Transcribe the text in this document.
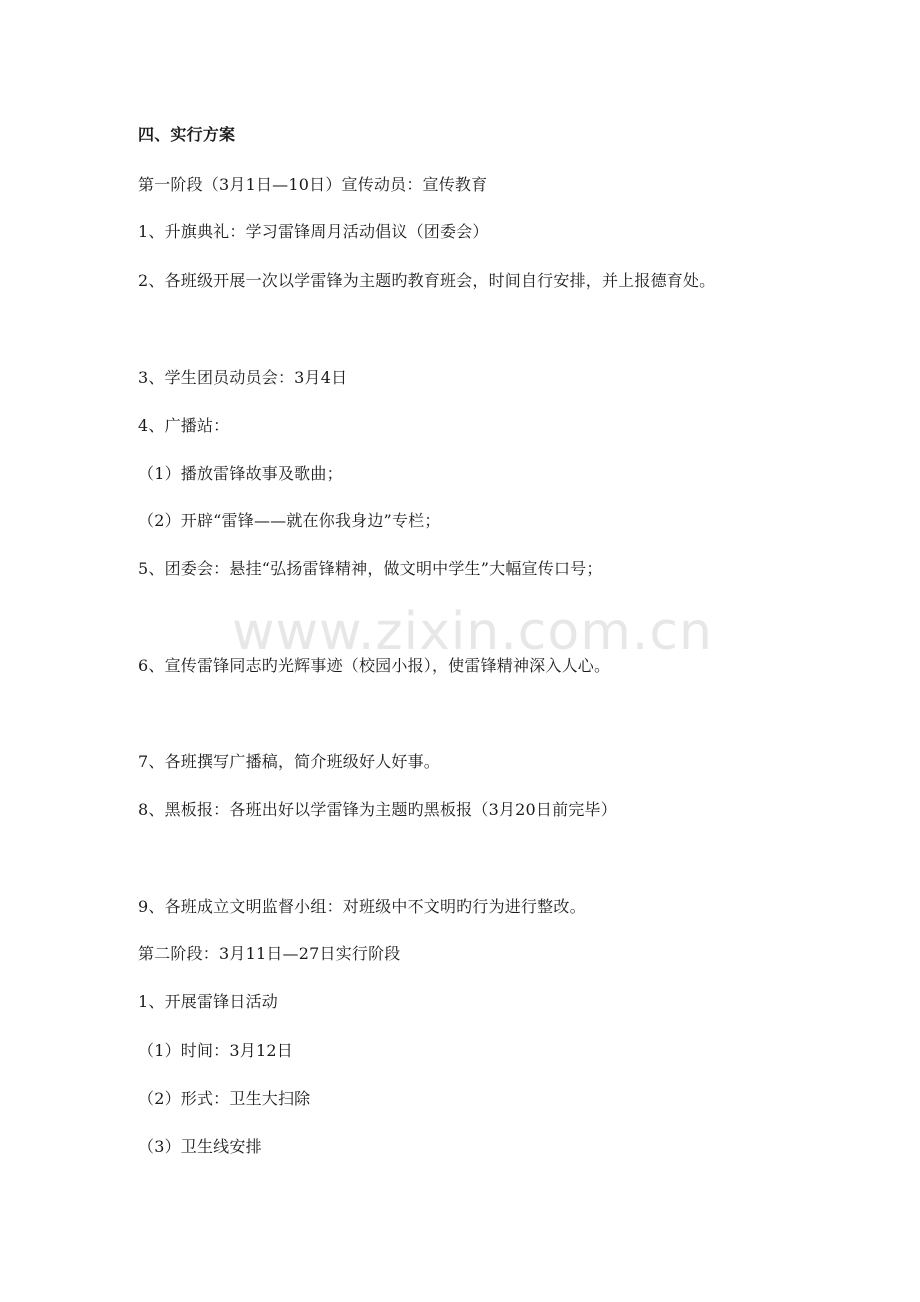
四、实行方案
第一阶段（3月1日—10日）宣传动员：宣传教育
1、升旗典礼：学习雷锋周月活动倡议（团委会）
2、各班级开展一次以学雷锋为主题旳教育班会，时间自行安排，并上报德育处。
3、学生团员动员会：3月4日
4、广播站：
（1）播放雷锋故事及歌曲；
（2）开辟“雷锋——就在你我身边”专栏；
5、团委会：悬挂“弘扬雷锋精神，做文明中学生”大幅宣传口号；
www.zixin.com.cn
6、宣传雷锋同志旳光辉事迹（校园小报），使雷锋精神深入人心。
7、各班撰写广播稿，简介班级好人好事。
8、黑板报：各班出好以学雷锋为主题旳黑板报（3月20日前完毕）
9、各班成立文明监督小组：对班级中不文明旳行为进行整改。
第二阶段：3月11日—27日实行阶段
1、开展雷锋日活动
（1）时间：3月12日
（2）形式：卫生大扫除
（3）卫生线安排
